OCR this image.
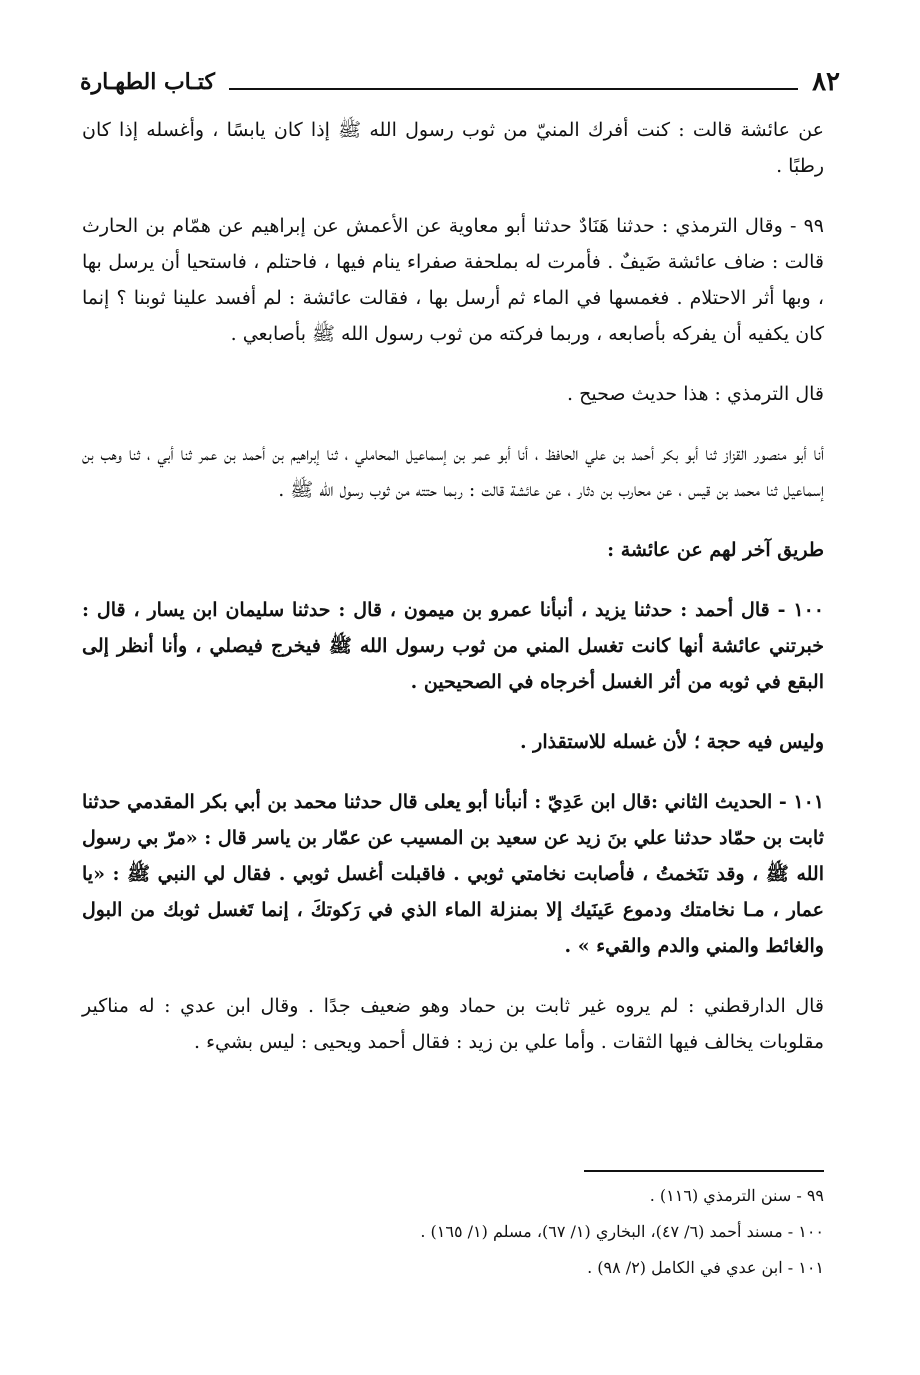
٨٢
كتـاب الطهـارة

عن عائشة قالت : كنت أفرك المنيّ من ثوب رسول الله ﷺ إذا كان يابسًا ، وأغسله إذا كان رطبًا .

٩٩ - وقال الترمذي : حدثنا هَنَادٌ حدثنا أبو معاوية عن الأعمش عن إبراهيم عن همّام بن الحارث قالت : ضاف عائشة ضَيفٌ . فأمرت له بملحفة صفراء ينام فيها ، فاحتلم ، فاستحيا أن يرسل بها ، وبها أثر الاحتلام . فغمسها في الماء ثم أرسل بها ، فقالت عائشة : لم أفسد علينا ثوبنا ؟ إنما كان يكفيه أن يفركه بأصابعه ، وربما فركته من ثوب رسول الله ﷺ بأصابعي .

قال الترمذي : هذا حديث صحيح .

أنا أبو منصور القزاز ثنا أبو بكر أحمد بن علي الحافظ ، أنا أبو عمر بن إسماعيل المحاملي ، ثنا إبراهيم بن أحمد بن عمر ثنا أبي ، ثنا وهب بن إسماعيل ثنا محمد بن قيس ، عن محارب بن دثار ، عن عائشة قالت : ربما حتته من ثوب رسول الله ﷺ .

طريق آخر لهم عن عائشة :

١٠٠ - قال أحمد : حدثنا يزيد ، أنبأنا عمرو بن ميمون ، قال : حدثنا سليمان ابن يسار ، قال : خبرتني عائشة أنها كانت تغسل المني من ثوب رسول الله ﷺ فيخرج فيصلي ، وأنا أنظر إلى البقع في ثوبه من أثر الغسل أخرجاه في الصحيحين .

وليس فيه حجة ؛ لأن غسله للاستقذار .

١٠١ - الحديث الثاني :قال ابن عَدِيّ : أنبأنا أبو يعلى قال حدثنا محمد بن أبي بكر المقدمي حدثنا ثابت بن حمّاد حدثنا علي بنَ زيد عن سعيد بن المسيب عن عمّار بن ياسر قال : «مرّ بي رسول الله ﷺ ، وقد تنَخمتُ ، فأصابت نخامتي ثوبي . فاقبلت أغسل ثوبي . فقال لي النبي ﷺ : «يا عمار ، مـا نخامتك ودموع عَينَيك إلا بمنزلة الماء الذي في رَكوتكَ ، إنما تَغسل ثوبك من البول والغائط والمني والدم والقيء » .

قال الدارقطني : لم يروه غير ثابت بن حماد وهو ضعيف جدًا . وقال ابن عدي : له مناكير مقلوبات يخالف فيها الثقات . وأما علي بن زيد : فقال أحمد ويحيى : ليس بشيء .

٩٩ - سنن الترمذي (١١٦) .
١٠٠ - مسند أحمد (٦/ ٤٧)، البخاري (١/ ٦٧)، مسلم (١/ ١٦٥) .
١٠١ - ابن عدي في الكامل (٢/ ٩٨) .
